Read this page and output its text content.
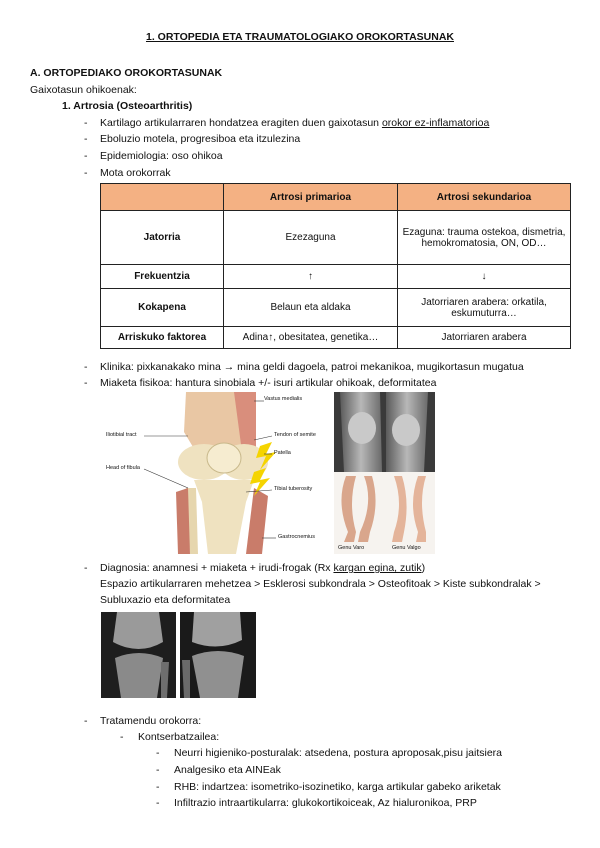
1. ORTOPEDIA ETA TRAUMATOLOGIAKO OROKORTASUNAK
A. ORTOPEDIAKO OROKORTASUNAK
Gaixotasun ohikoenak:
1. Artrosia (Osteoarthritis)
- Kartilago artikularraren hondatzea eragiten duen gaixotasun orokor ez-inflamatorioa
- Eboluzio motela, progresiboa eta itzulezina
- Epidemiologia: oso ohikoa
- Mota orokorrak
	Artrosi primarioa	Artrosi sekundarioa
Jatorria	Ezezaguna	Ezaguna: trauma ostekoa, dismetria, hemokromatosia, ON, OD…
Frekuentzia	↑	↓
Kokapena	Belaun eta aldaka	Jatorriaren arabera: orkatila, eskumuturra…
Arriskuko faktorea	Adina↑, obesitatea, genetika…	Jatorriaren arabera
- Klinika: pixkanakako mina → mina geldi dagoela, patroi mekanikoa, mugikortasun mugatua
- Miaketa fisikoa: hantura sinobiala +/- isuri artikular ohikoak, deformitatea
Vastus medialis
Iliotibial tract
Head of fibula
Tendon of semite
Patella
Tibial tuberosity
Gastrocnemius
Genu Varo	Genu Valgo
- Diagnosia: anamnesi + miaketa + irudi-frogak (Rx kargan egina, zutik)
Espazio artikularraren mehetzea > Esklerosi subkondrala > Osteofitoak > Kiste subkondralak >
Subluxazio eta deformitatea
- Tratamendu orokorra:
- Kontserbatzailea:
- Neurri higieniko-posturalak: atsedena, postura aproposak,pisu jaitsiera
- Analgesiko eta AINEak
- RHB: indartzea: isometriko-isozinetiko, karga artikular gabeko ariketak
- Infiltrazio intraartikularra: glukokortikoiceak, Az hialuronikoa, PRP
